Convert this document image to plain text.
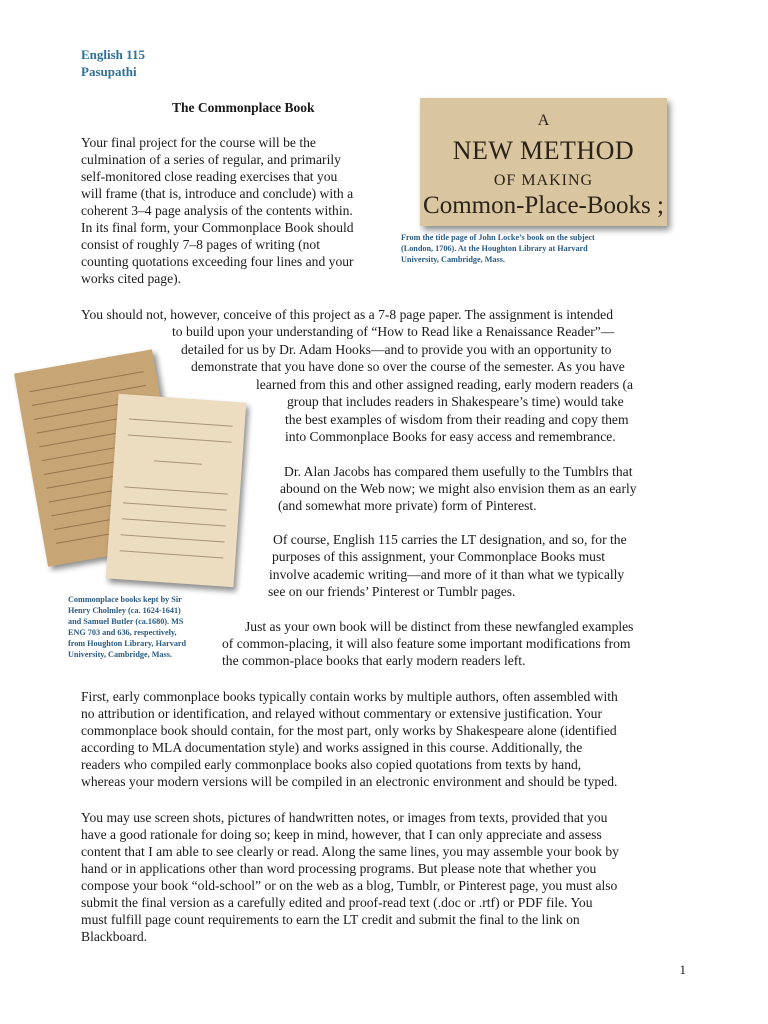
English 115
Pasupathi
The Commonplace Book
A
NEW METHOD
OF MAKING
Common-Place-Books ;
From the title page of John Locke’s book on the subject
(London, 1706). At the Houghton Library at Harvard
University, Cambridge, Mass.
Commonplace books kept by Sir
Henry Cholmley (ca. 1624-1641)
and Samuel Butler (ca.1680). MS
ENG 703 and 636, respectively,
from Houghton Library, Harvard
University, Cambridge, Mass.
Your final project for the course will be the
culmination of a series of regular, and primarily
self-monitored close reading exercises that you
will frame (that is, introduce and conclude) with a
coherent 3–4 page analysis of the contents within.
In its final form, your Commonplace Book should
consist of roughly 7–8 pages of writing (not
counting quotations exceeding four lines and your
works cited page).
You should not, however, conceive of this project as a 7-8 page paper. The assignment is intended
to build upon your understanding of “How to Read like a Renaissance Reader”—
detailed for us by Dr. Adam Hooks—and to provide you with an opportunity to
demonstrate that you have done so over the course of the semester. As you have
learned from this and other assigned reading, early modern readers (a
group that includes readers in Shakespeare’s time) would take
the best examples of wisdom from their reading and copy them
into Commonplace Books for easy access and remembrance.
Dr. Alan Jacobs has compared them usefully to the Tumblrs that
abound on the Web now; we might also envision them as an early
(and somewhat more private) form of Pinterest.
Of course, English 115 carries the LT designation, and so, for the
purposes of this assignment, your Commonplace Books must
involve academic writing—and more of it than what we typically
see on our friends’ Pinterest or Tumblr pages.
Just as your own book will be distinct from these newfangled examples
of common-placing, it will also feature some important modifications from
the common-place books that early modern readers left.
First, early commonplace books typically contain works by multiple authors, often assembled with
no attribution or identification, and relayed without commentary or extensive justification. Your
commonplace book should contain, for the most part, only works by Shakespeare alone (identified
according to MLA documentation style) and works assigned in this course. Additionally, the
readers who compiled early commonplace books also copied quotations from texts by hand,
whereas your modern versions will be compiled in an electronic environment and should be typed.
You may use screen shots, pictures of handwritten notes, or images from texts, provided that you
have a good rationale for doing so; keep in mind, however, that I can only appreciate and assess
content that I am able to see clearly or read. Along the same lines, you may assemble your book by
hand or in applications other than word processing programs. But please note that whether you
compose your book “old-school” or on the web as a blog, Tumblr, or Pinterest page, you must also
submit the final version as a carefully edited and proof-read text (.doc or .rtf) or PDF file. You
must fulfill page count requirements to earn the LT credit and submit the final to the link on
Blackboard.
1
